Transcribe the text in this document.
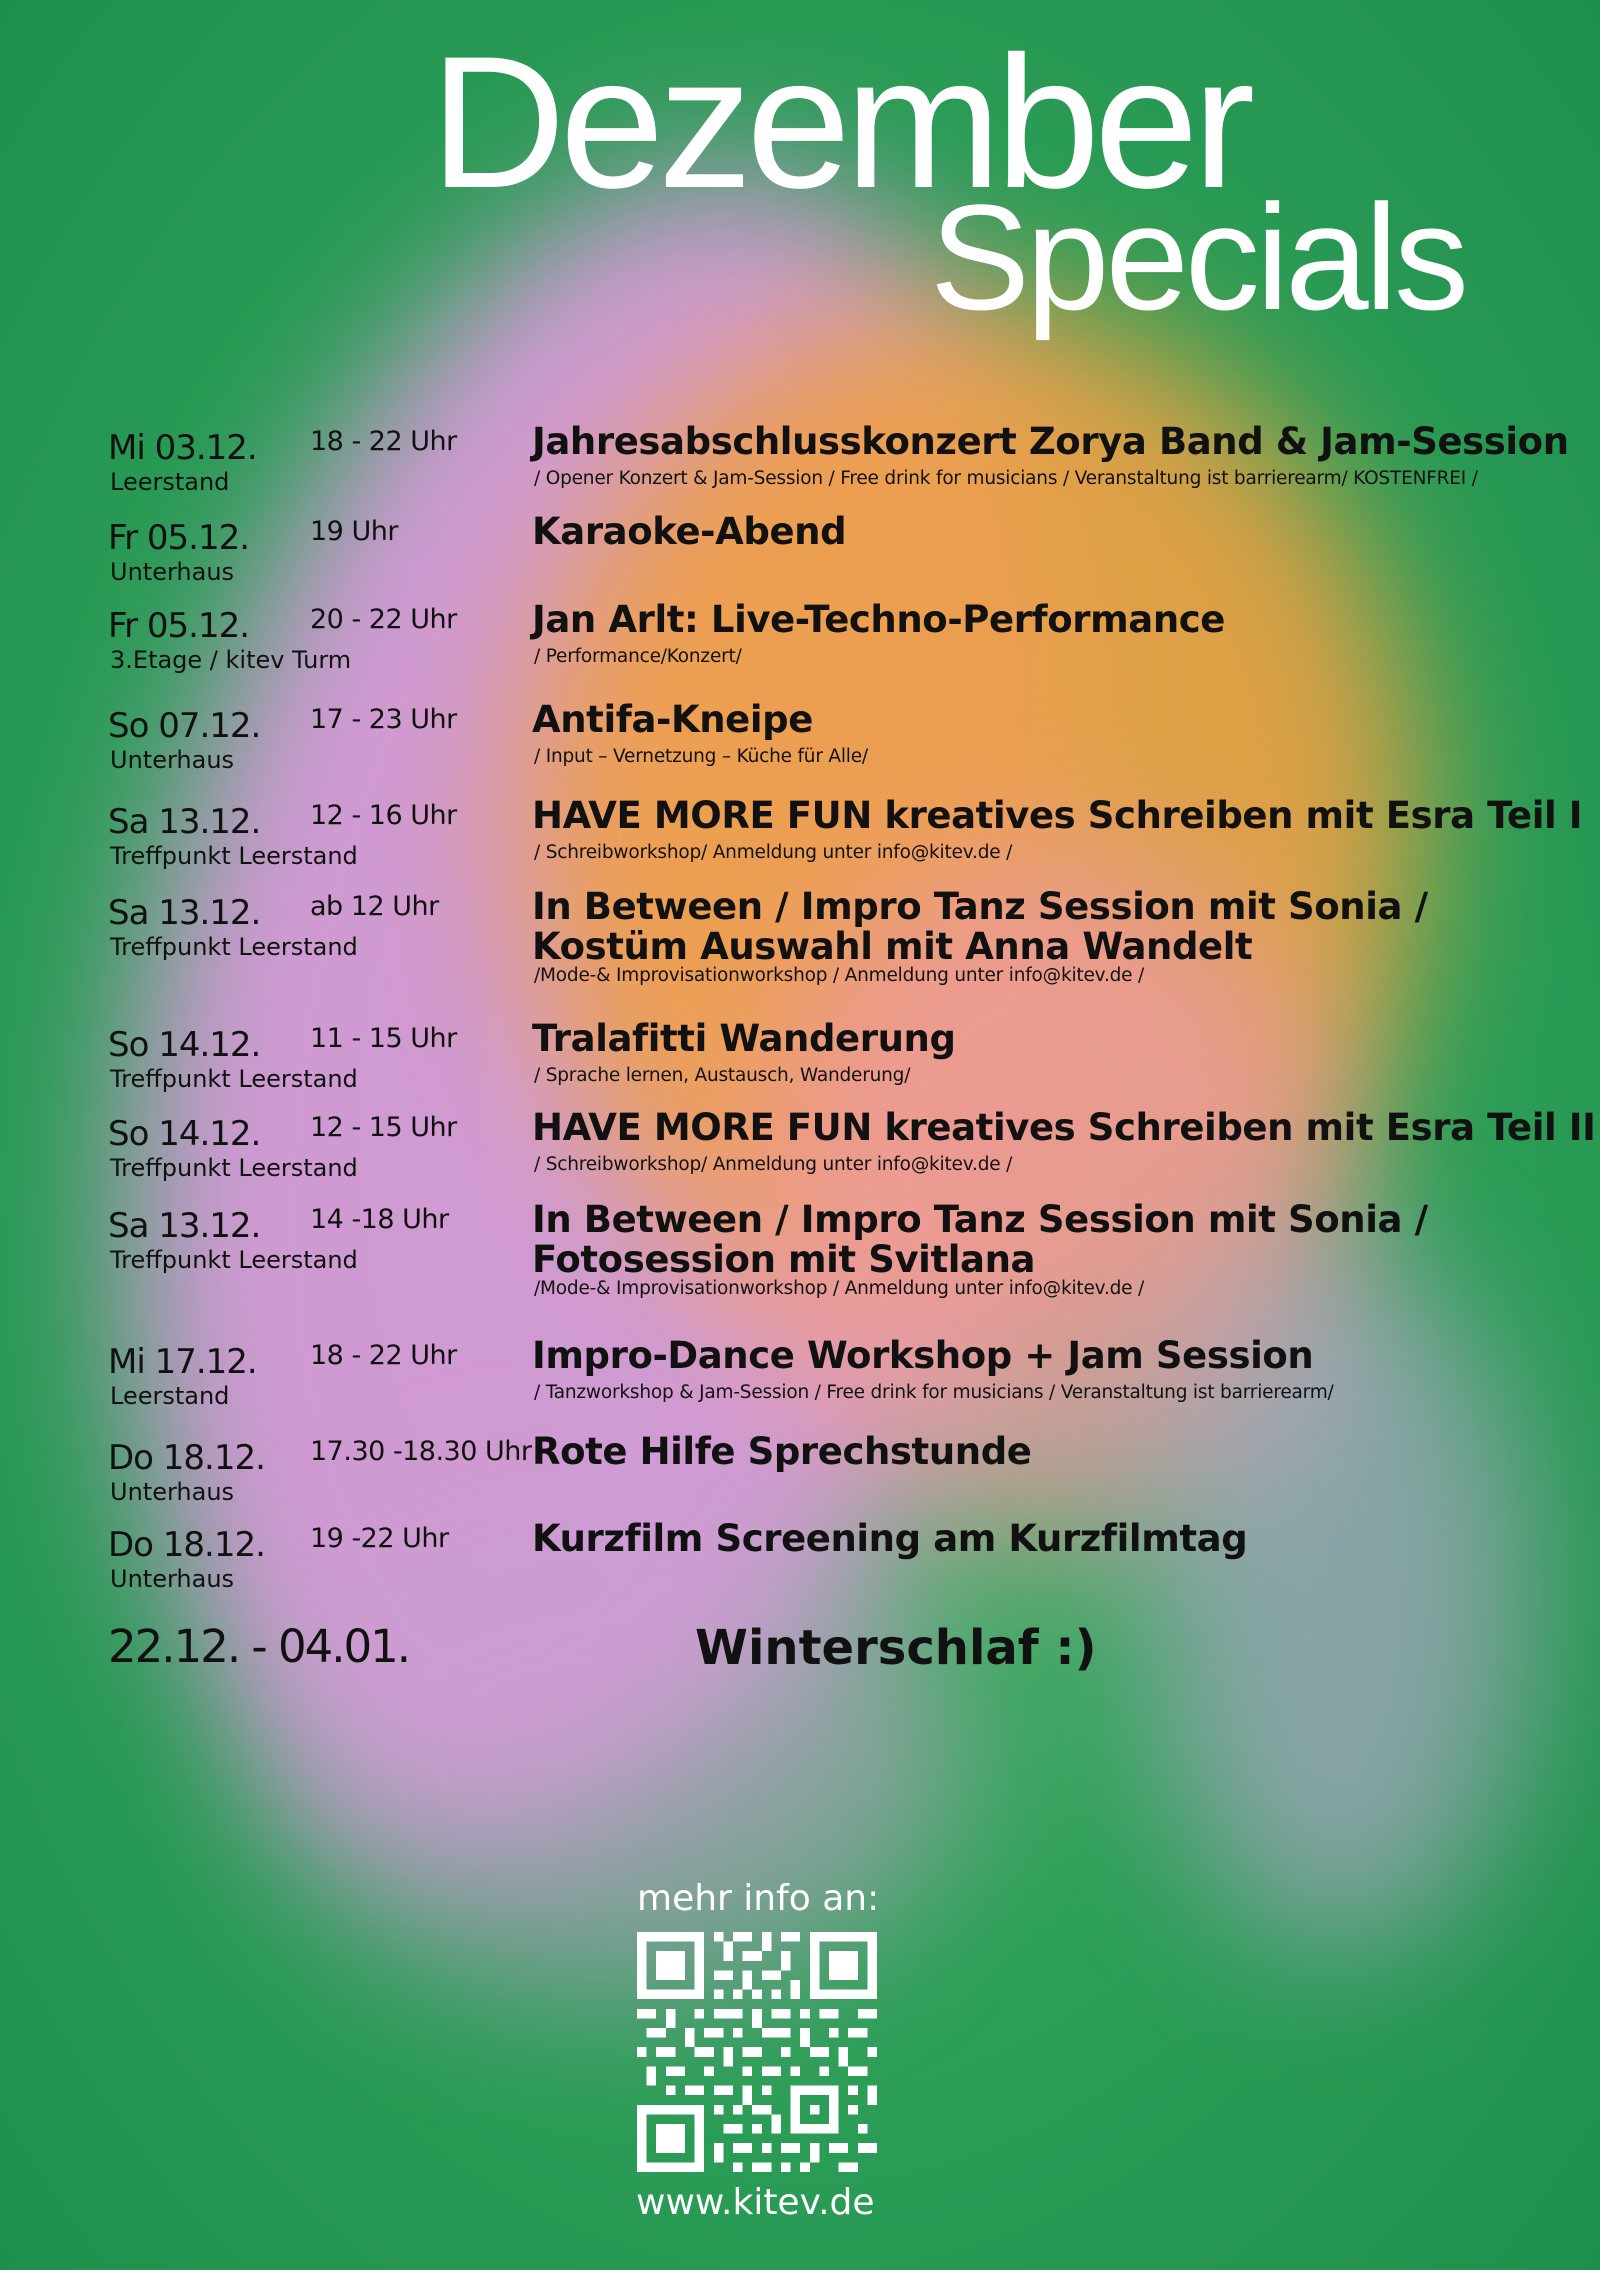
Dezember
Specials
Mi 03.12.
Leerstand
18 - 22 Uhr Jahresabschlusskonzert Zorya Band & Jam-Session
/ Opener Konzert & Jam-Session / Free drink for musicians / Veranstaltung ist barrierearm/ KOSTENFREI /
Fr 05.12.
Unterhaus
19 Uhr	Karaoke-Abend
Fr 05.12.
3.Etage / kitev Turm
20 - 22 Uhr Jan Arlt: Live-Techno-Performance
/ Performance/Konzert/
So 07.12.
Unterhaus
17 - 23 Uhr Antifa-Kneipe
/ Input – Vernetzung – Küche für Alle/
Sa 13.12.
Treffpunkt Leerstand
12 - 16 Uhr HAVE MORE FUN kreatives Schreiben mit Esra Teil I
/ Schreibworkshop/ Anmeldung unter info@kitev.de /
Sa 13.12.
Treffpunkt Leerstand
ab 12 Uhr	In Between / Impro Tanz Session mit Sonia /
Kostüm Auswahl mit Anna Wandelt
/Mode-& Improvisationworkshop / Anmeldung unter info@kitev.de /
So 14.12.
Treffpunkt Leerstand
11 - 15 Uhr Tralafitti Wanderung
/ Sprache lernen, Austausch, Wanderung/
So 14.12.
Treffpunkt Leerstand
12 - 15 Uhr HAVE MORE FUN kreatives Schreiben mit Esra Teil II
/ Schreibworkshop/ Anmeldung unter info@kitev.de /
Sa 13.12.
Treffpunkt Leerstand
14 -18 Uhr In Between / Impro Tanz Session mit Sonia /
Fotosession mit Svitlana
/Mode-& Improvisationworkshop / Anmeldung unter info@kitev.de /
Mi 17.12.
Leerstand
18 - 22 Uhr Impro-Dance Workshop + Jam Session
/ Tanzworkshop & Jam-Session / Free drink for musicians / Veranstaltung ist barrierearm/
Do 18.12.
Unterhaus
17.30 -18.30 Uhr Rote Hilfe Sprechstunde
Do 18.12.
Unterhaus
19 -22 Uhr Kurzfilm Screening am Kurzfilmtag
22.12. - 04.01.	Winterschlaf :)
mehr info an:
www.kitev.de
